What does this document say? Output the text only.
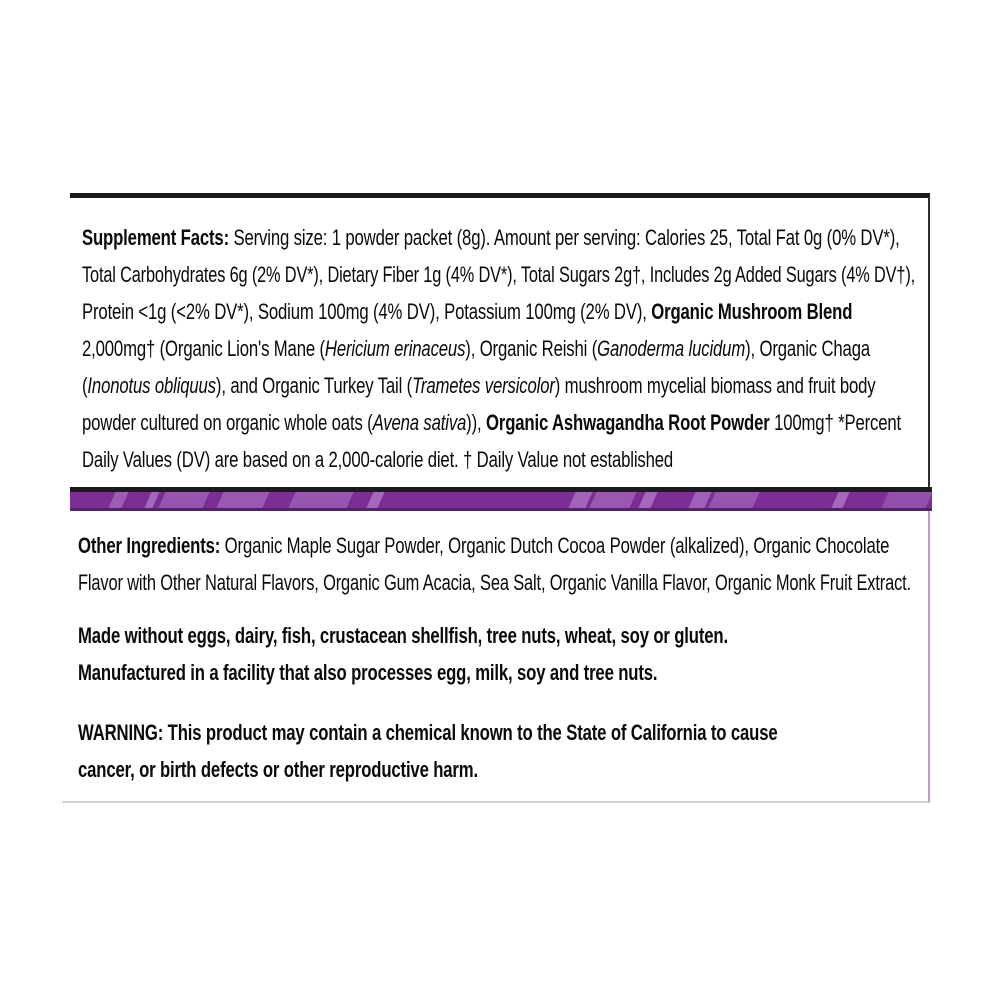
Supplement Facts: Serving size: 1 powder packet (8g). Amount per serving: Calories 25, Total Fat 0g (0% DV*),
Total Carbohydrates 6g (2% DV*), Dietary Fiber 1g (4% DV*), Total Sugars 2g†, Includes 2g Added Sugars (4% DV†),
Protein <1g (<2% DV*), Sodium 100mg (4% DV), Potassium 100mg (2% DV), Organic Mushroom Blend
2,000mg† (Organic Lion's Mane (Hericium erinaceus), Organic Reishi (Ganoderma lucidum), Organic Chaga
(Inonotus obliquus), and Organic Turkey Tail (Trametes versicolor) mushroom mycelial biomass and fruit body
powder cultured on organic whole oats (Avena sativa)), Organic Ashwagandha Root Powder 100mg† *Percent
Daily Values (DV) are based on a 2,000-calorie diet. † Daily Value not established
Other Ingredients: Organic Maple Sugar Powder, Organic Dutch Cocoa Powder (alkalized), Organic Chocolate
Flavor with Other Natural Flavors, Organic Gum Acacia, Sea Salt, Organic Vanilla Flavor, Organic Monk Fruit Extract.
Made without eggs, dairy, fish, crustacean shellfish, tree nuts, wheat, soy or gluten.
Manufactured in a facility that also processes egg, milk, soy and tree nuts.
WARNING: This product may contain a chemical known to the State of California to cause
cancer, or birth defects or other reproductive harm.
